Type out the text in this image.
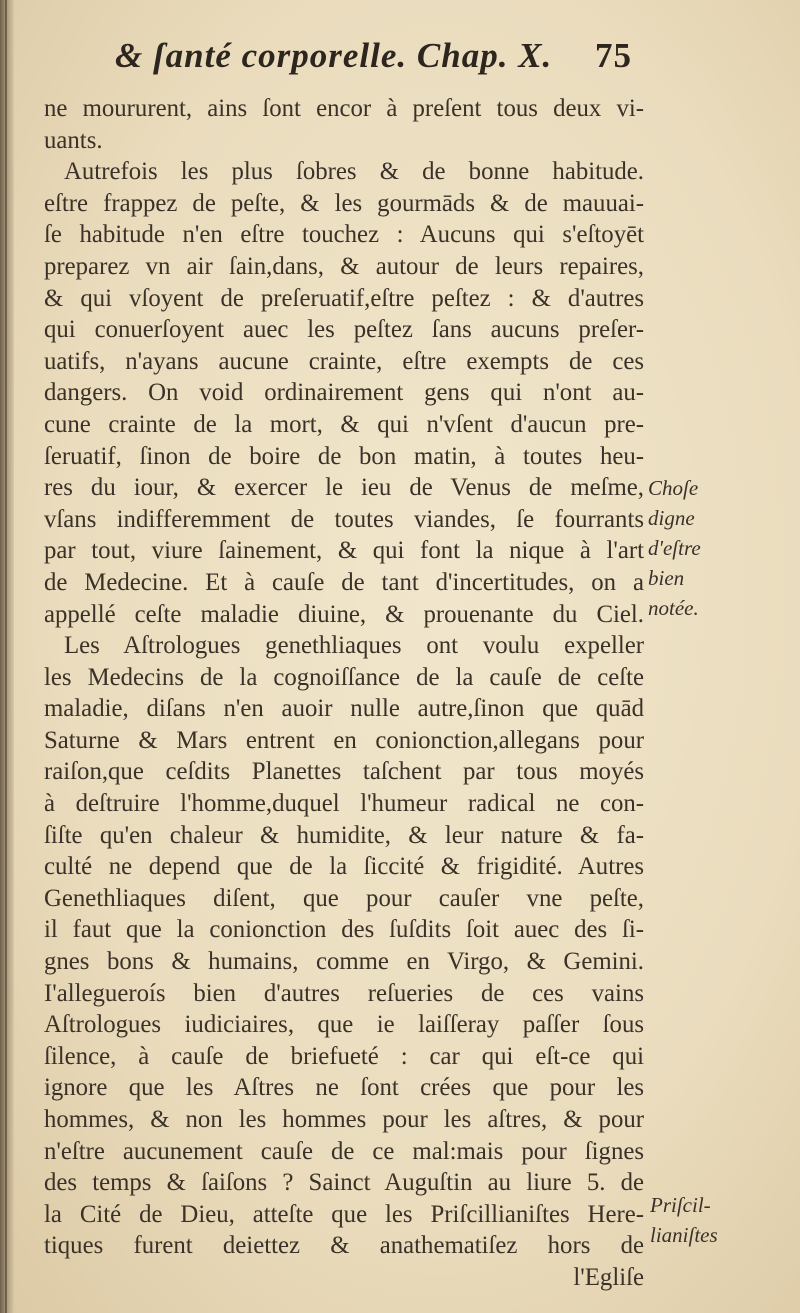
& ſanté corporelle. Chap. X. 75
ne moururent, ains ſont encor à preſent tous deux vi-
uants.
Autrefois les plus ſobres & de bonne habitude.
eſtre frappez de peſte, & les gourmāds & de mauuai-
ſe habitude n'en eſtre touchez : Aucuns qui s'eſtoyēt
preparez vn air ſain,dans, & autour de leurs repaires,
& qui vſoyent de preſeruatif,eſtre peſtez : & d'autres
qui conuerſoyent auec les peſtez ſans aucuns preſer-
uatifs, n'ayans aucune crainte, eſtre exempts de ces
dangers. On void ordinairement gens qui n'ont au-
cune crainte de la mort, & qui n'vſent d'aucun pre-
ſeruatif, ſinon de boire de bon matin, à toutes heu-
res du iour, & exercer le ieu de Venus de meſme,
vſans indifferemment de toutes viandes, ſe fourrants
par tout, viure ſainement, & qui font la nique à l'art
de Medecine. Et à cauſe de tant d'incertitudes, on a
appellé ceſte maladie diuine, & prouenante du Ciel.
Les Aſtrologues genethliaques ont voulu expeller
les Medecins de la cognoiſſance de la cauſe de ceſte
maladie, diſans n'en auoir nulle autre,ſinon que quād
Saturne & Mars entrent en conionction,allegans pour
raiſon,que ceſdits Planettes taſchent par tous moyés
à deſtruire l'homme,duquel l'humeur radical ne con-
ſiſte qu'en chaleur & humidite, & leur nature & fa-
culté ne depend que de la ſiccité & frigidité. Autres
Genethliaques diſent, que pour cauſer vne peſte,
il faut que la conionction des ſuſdits ſoit auec des ſi-
gnes bons & humains, comme en Virgo, & Gemini.
I'allegueroís bien d'autres reſueries de ces vains
Aſtrologues iudiciaires, que ie laiſſeray paſſer ſous
ſilence, à cauſe de briefueté : car qui eſt-ce qui
ignore que les Aſtres ne ſont crées que pour les
hommes, & non les hommes pour les aſtres, & pour
n'eſtre aucunement cauſe de ce mal:mais pour ſignes
des temps & ſaiſons ? Sainct Auguſtin au liure 5. de
la Cité de Dieu, atteſte que les Priſcillianiſtes Here-
tiques furent deiettez & anathematiſez hors de
l'Egliſe
Choſe
digne
d'eſtre
bien
notée.
Priſcil-
lianiſtes
